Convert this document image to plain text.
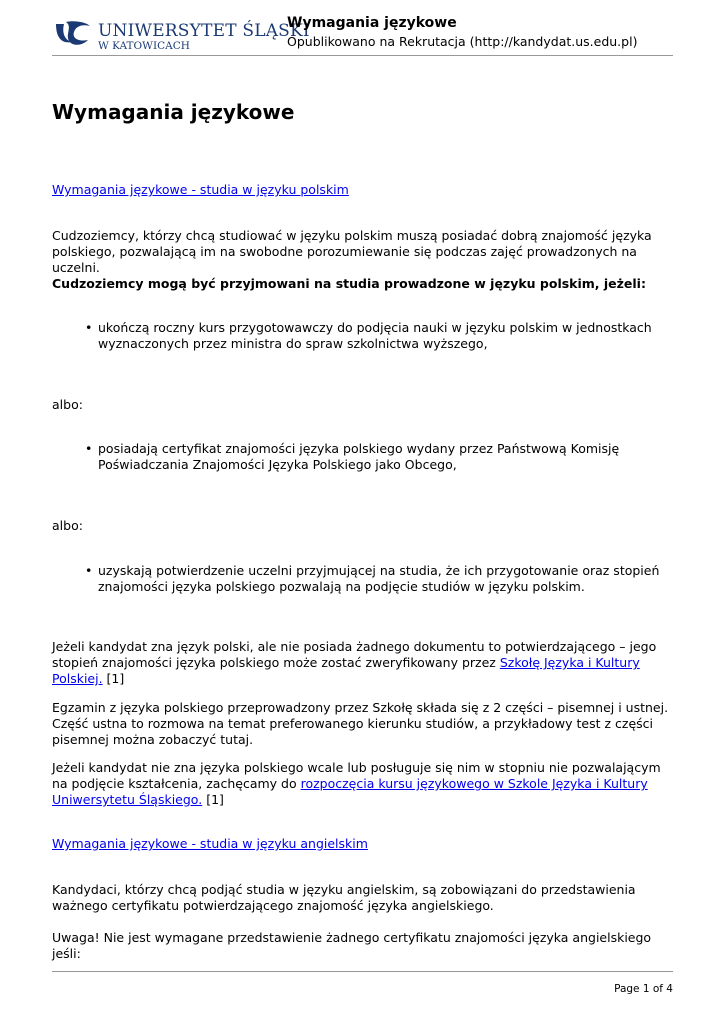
UNIWERSYTET ŚLĄSKI
W KATOWICACH
Wymagania językowe
Opublikowano na Rekrutacja (http://kandydat.us.edu.pl)
Wymagania językowe

Wymagania językowe - studia w języku polskim

Cudzoziemcy, którzy chcą studiować w języku polskim muszą posiadać dobrą znajomość języka polskiego, pozwalającą im na swobodne porozumiewanie się podczas zajęć prowadzonych na uczelni.

Cudzoziemcy mogą być przyjmowani na studia prowadzone w języku polskim, jeżeli:

• ukończą roczny kurs przygotowawczy do podjęcia nauki w języku polskim w jednostkach wyznaczonych przez ministra do spraw szkolnictwa wyższego,

albo:

• posiadają certyfikat znajomości języka polskiego wydany przez Państwową Komisję Poświadczania Znajomości Języka Polskiego jako Obcego,

albo:

• uzyskają potwierdzenie uczelni przyjmującej na studia, że ich przygotowanie oraz stopień znajomości języka polskiego pozwalają na podjęcie studiów w języku polskim.

Jeżeli kandydat zna język polski, ale nie posiada żadnego dokumentu to potwierdzającego – jego stopień znajomości języka polskiego może zostać zweryfikowany przez Szkołę Języka i Kultury Polskiej. [1]

Egzamin z języka polskiego przeprowadzony przez Szkołę składa się z 2 części – pisemnej i ustnej. Część ustna to rozmowa na temat preferowanego kierunku studiów, a przykładowy test z części pisemnej można zobaczyć tutaj.

Jeżeli kandydat nie zna języka polskiego wcale lub posługuje się nim w stopniu nie pozwalającym na podjęcie kształcenia, zachęcamy do rozpoczęcia kursu językowego w Szkole Języka i Kultury Uniwersytetu Śląskiego. [1]

Wymagania językowe - studia w języku angielskim

Kandydaci, którzy chcą podjąć studia w języku angielskim, są zobowiązani do przedstawienia ważnego certyfikatu potwierdzającego znajomość języka angielskiego.

Uwaga! Nie jest wymagane przedstawienie żadnego certyfikatu znajomości języka angielskiego jeśli:

Page 1 of 4
